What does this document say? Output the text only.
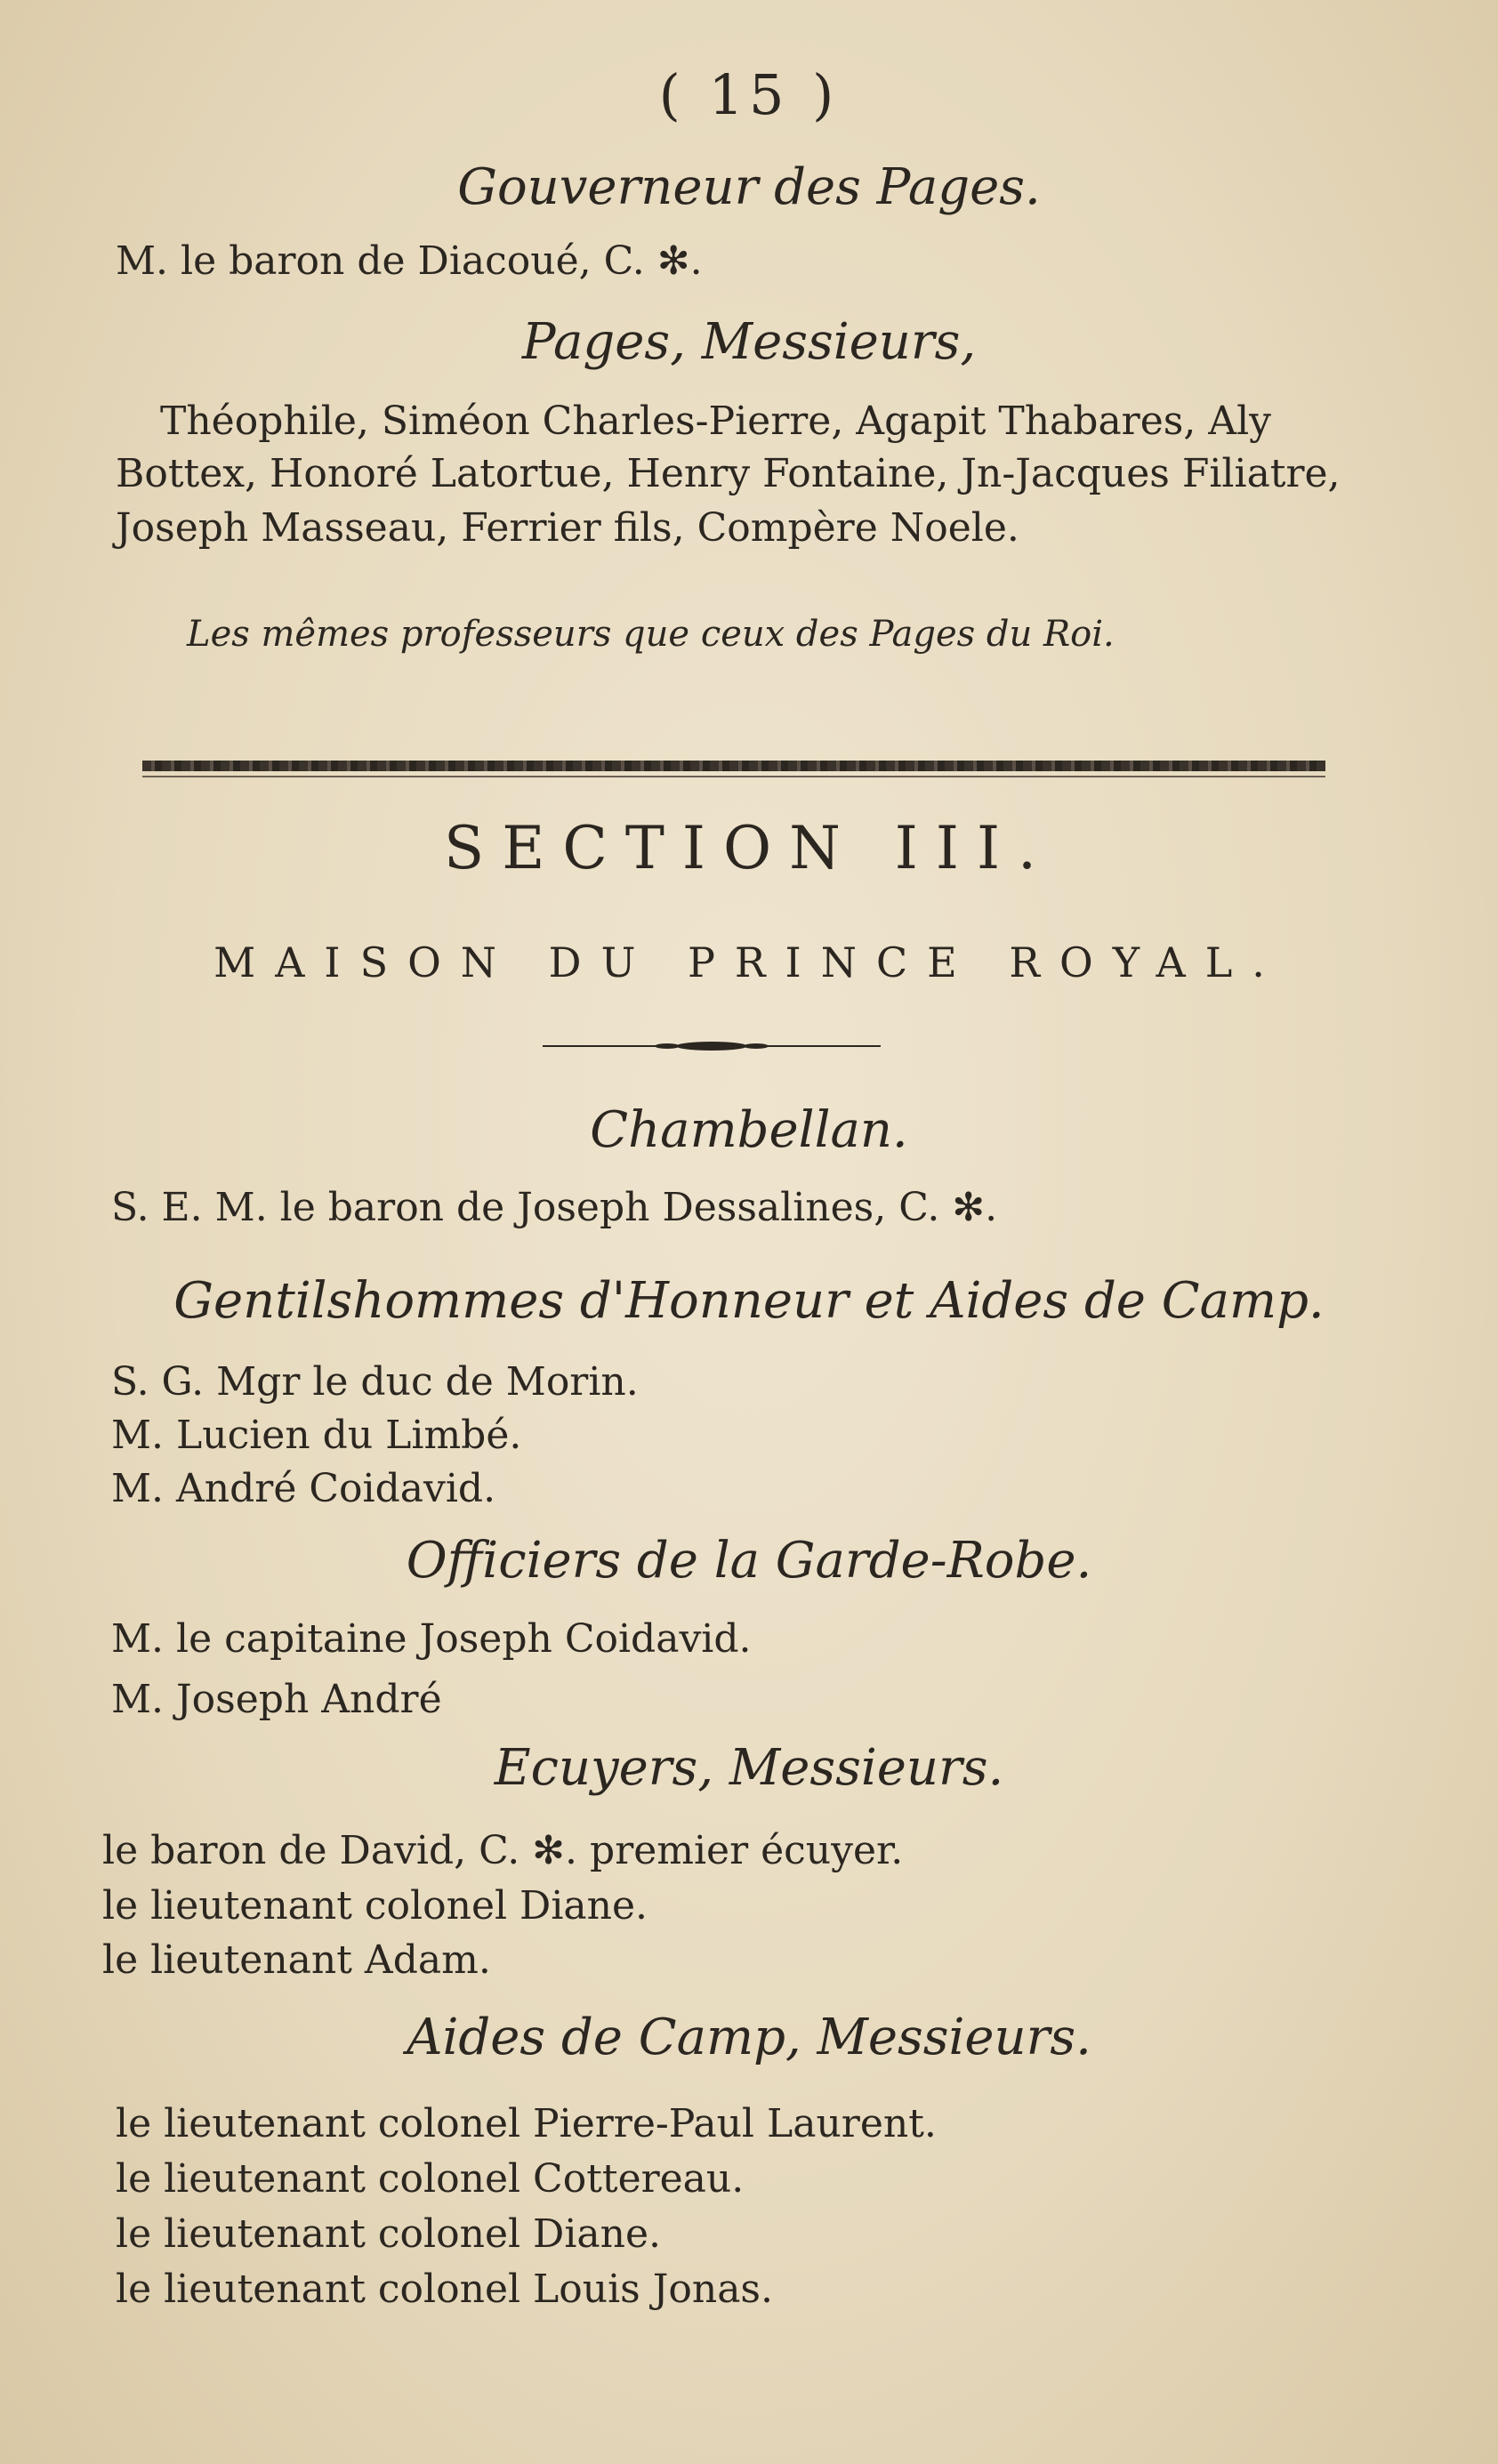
( 15 )
Gouverneur des Pages.
M. le baron de Diacoué, C. ✻.
Pages, Messieurs,
Théophile, Siméon Charles-Pierre, Agapit Thabares, Aly
Bottex, Honoré Latortue, Henry Fontaine, Jn-Jacques Filiatre,
Joseph Masseau, Ferrier fils, Compère Noele.
Les mêmes professeurs que ceux des Pages du Roi.
SECTION III.
MAISON DU PRINCE ROYAL.
Chambellan.
S. E. M. le baron de Joseph Dessalines, C. ✻.
Gentilshommes d'Honneur et Aides de Camp.
S. G. Mgr le duc de Morin.
M. Lucien du Limbé.
M. André Coidavid.
Officiers de la Garde-Robe.
M. le capitaine Joseph Coidavid.
M. Joseph André
Ecuyers, Messieurs.
le baron de David, C. ✻. premier écuyer.
le lieutenant colonel Diane.
le lieutenant Adam.
Aides de Camp, Messieurs.
le lieutenant colonel Pierre-Paul Laurent.
le lieutenant colonel Cottereau.
le lieutenant colonel Diane.
le lieutenant colonel Louis Jonas.
